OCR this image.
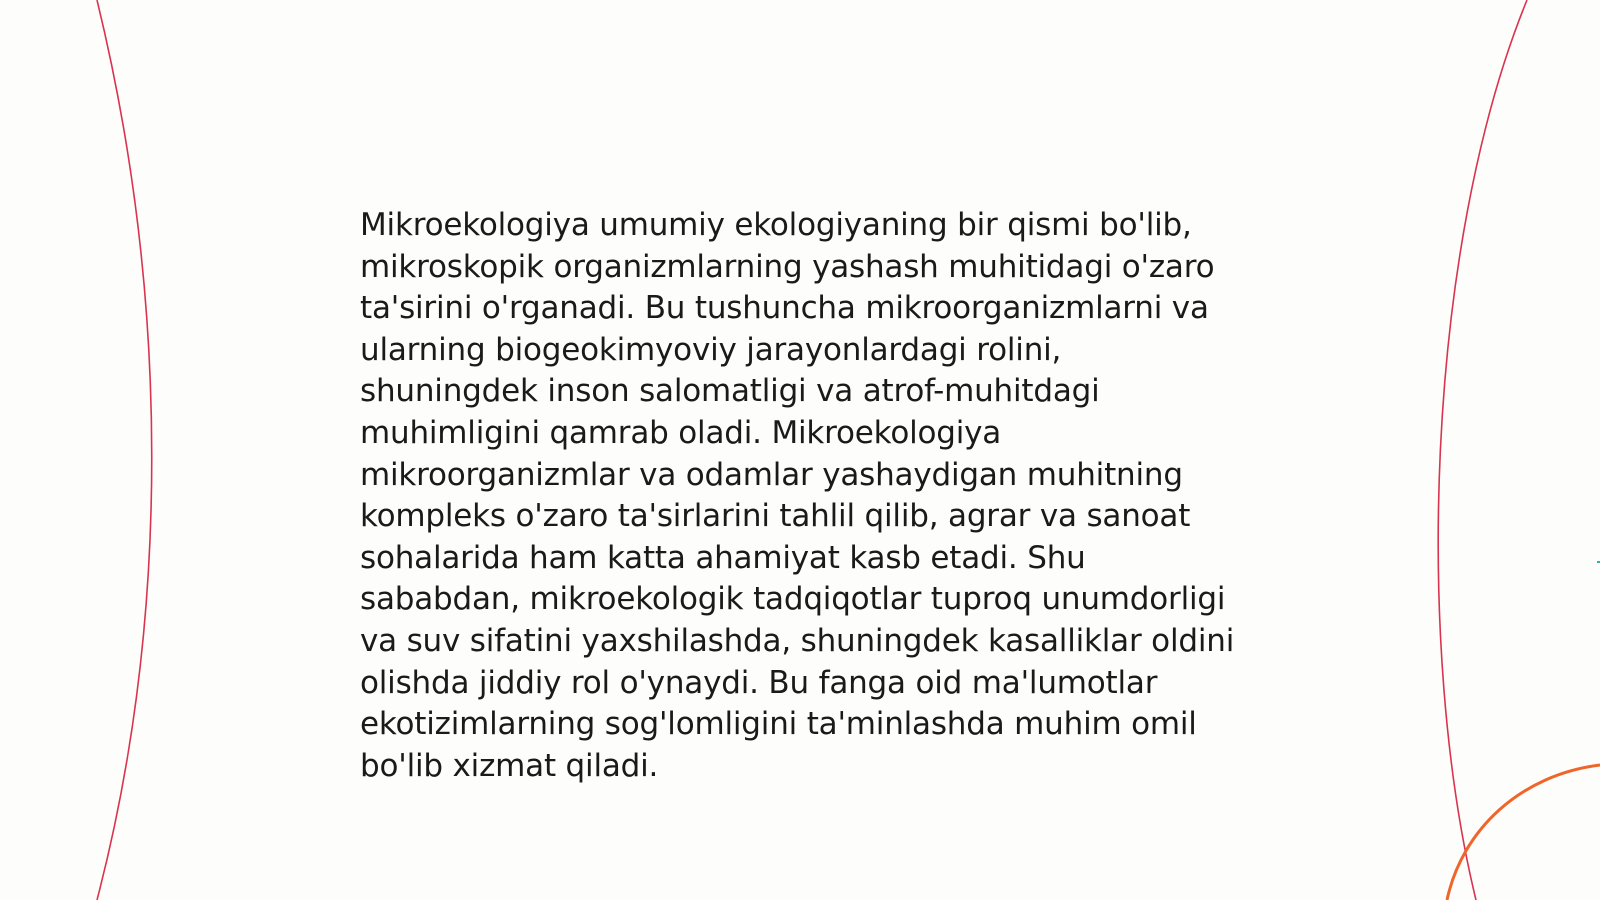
Mikroekologiya umumiy ekologiyaning bir qismi bo'lib, mikroskopik organizmlarning yashash muhitidagi o'zaro ta'sirini o'rganadi. Bu tushuncha mikroorganizmlarni va ularning biogeokimyoviy jarayonlardagi rolini, shuningdek inson salomatligi va atrof-muhitdagi muhimligini qamrab oladi. Mikroekologiya mikroorganizmlar va odamlar yashaydigan muhitning kompleks o'zaro ta'sirlarini tahlil qilib, agrar va sanoat sohalarida ham katta ahamiyat kasb etadi. Shu sababdan, mikroekologik tadqiqotlar tuproq unumdorligi va suv sifatini yaxshilashda, shuningdek kasalliklar oldini olishda jiddiy rol o'ynaydi. Bu fanga oid ma'lumotlar ekotizimlarning sog'lomligini ta'minlashda muhim omil bo'lib xizmat qiladi.
